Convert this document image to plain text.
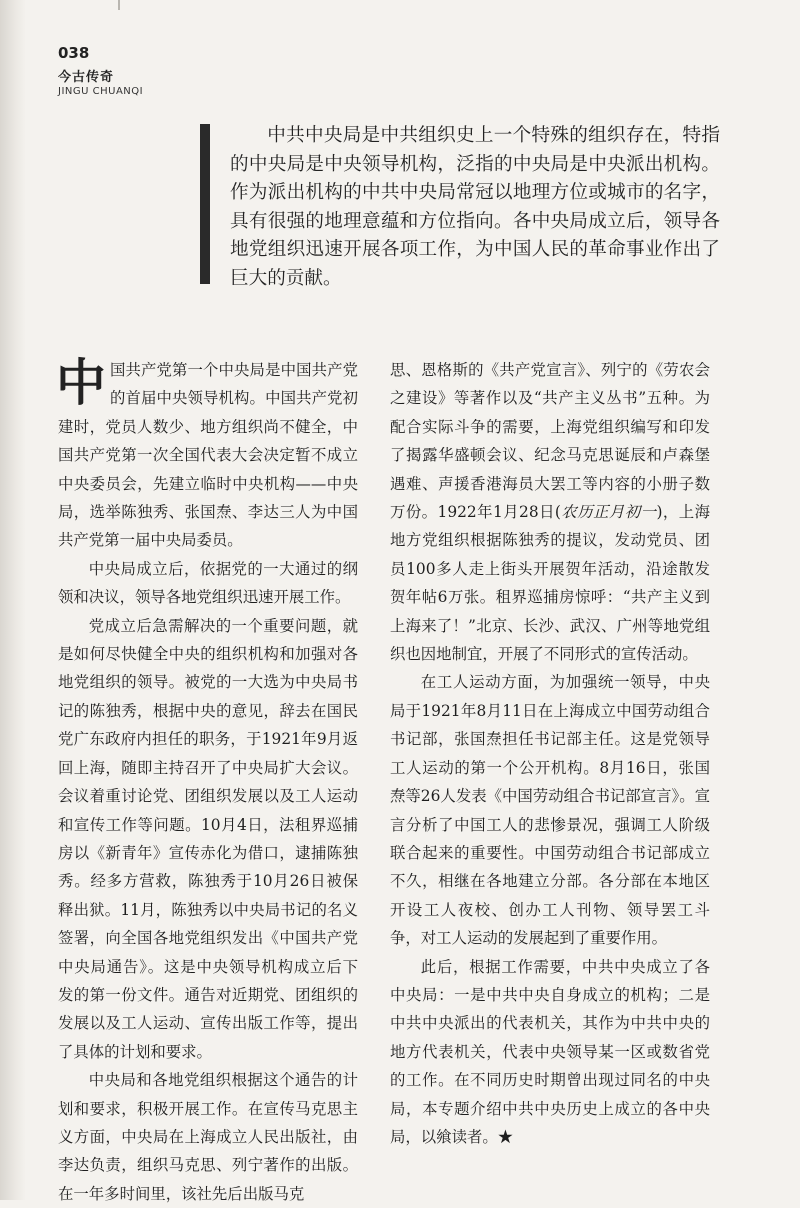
038
今古传奇
JINGU CHUANQI

中共中央局是中共组织史上一个特殊的组织存在，特指的中央局是中央领导机构，泛指的中央局是中央派出机构。作为派出机构的中共中央局常冠以地理方位或城市的名字，具有很强的地理意蕴和方位指向。各中央局成立后，领导各地党组织迅速开展各项工作，为中国人民的革命事业作出了巨大的贡献。

中国共产党第一个中央局是中国共产党的首届中央领导机构。中国共产党初建时，党员人数少、地方组织尚不健全，中国共产党第一次全国代表大会决定暂不成立中央委员会，先建立临时中央机构——中央局，选举陈独秀、张国焘、李达三人为中国共产党第一届中央局委员。

中央局成立后，依据党的一大通过的纲领和决议，领导各地党组织迅速开展工作。

党成立后急需解决的一个重要问题，就是如何尽快健全中央的组织机构和加强对各地党组织的领导。被党的一大选为中央局书记的陈独秀，根据中央的意见，辞去在国民党广东政府内担任的职务，于1921年9月返回上海，随即主持召开了中央局扩大会议。会议着重讨论党、团组织发展以及工人运动和宣传工作等问题。10月4日，法租界巡捕房以《新青年》宣传赤化为借口，逮捕陈独秀。经多方营救，陈独秀于10月26日被保释出狱。11月，陈独秀以中央局书记的名义签署，向全国各地党组织发出《中国共产党中央局通告》。这是中央领导机构成立后下发的第一份文件。通告对近期党、团组织的发展以及工人运动、宣传出版工作等，提出了具体的计划和要求。

中央局和各地党组织根据这个通告的计划和要求，积极开展工作。在宣传马克思主义方面，中央局在上海成立人民出版社，由李达负责，组织马克思、列宁著作的出版。在一年多时间里，该社先后出版马克

思、恩格斯的《共产党宣言》、列宁的《劳农会之建设》等著作以及“共产主义丛书”五种。为配合实际斗争的需要，上海党组织编写和印发了揭露华盛顿会议、纪念马克思诞辰和卢森堡遇难、声援香港海员大罢工等内容的小册子数万份。1922年1月28日(农历正月初一)，上海地方党组织根据陈独秀的提议，发动党员、团员100多人走上街头开展贺年活动，沿途散发贺年帖6万张。租界巡捕房惊呼：“共产主义到上海来了！”北京、长沙、武汉、广州等地党组织也因地制宜，开展了不同形式的宣传活动。

在工人运动方面，为加强统一领导，中央局于1921年8月11日在上海成立中国劳动组合书记部，张国焘担任书记部主任。这是党领导工人运动的第一个公开机构。8月16日，张国焘等26人发表《中国劳动组合书记部宣言》。宣言分析了中国工人的悲惨景况，强调工人阶级联合起来的重要性。中国劳动组合书记部成立不久，相继在各地建立分部。各分部在本地区开设工人夜校、创办工人刊物、领导罢工斗争，对工人运动的发展起到了重要作用。

此后，根据工作需要，中共中央成立了各中央局：一是中共中央自身成立的机构；二是中共中央派出的代表机关，其作为中共中央的地方代表机关，代表中央领导某一区或数省党的工作。在不同历史时期曾出现过同名的中央局，本专题介绍中共中央历史上成立的各中央局，以飨读者。★
